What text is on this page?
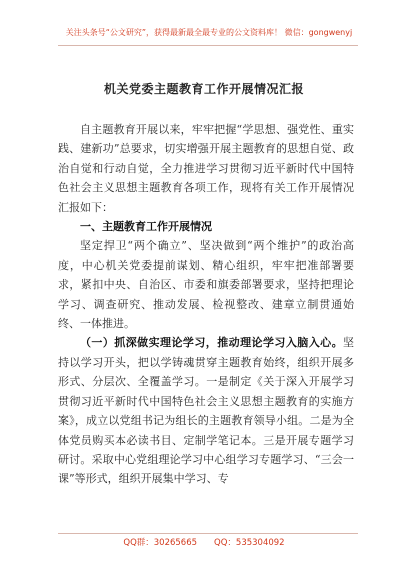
关注头条号“公文研究”，获得最新最全最专业的公文资料库！ 微信：gongwenyj
机关党委主题教育工作开展情况汇报

自主题教育开展以来，牢牢把握“学思想、强党性、重实践、建新功”总要求，切实增强开展主题教育的思想自觉、政治自觉和行动自觉，全力推进学习贯彻习近平新时代中国特色社会主义思想主题教育各项工作，现将有关工作开展情况汇报如下：

一、主题教育工作开展情况

坚定捍卫“两个确立”、坚决做到“两个维护”的政治高度，中心机关党委提前谋划、精心组织，牢牢把准部署要求，紧扣中央、自治区、市委和旗委部署要求，坚持把理论学习、调查研究、推动发展、检视整改、建章立制贯通始终、一体推进。

（一）抓深做实理论学习，推动理论学习入脑入心。坚持以学习开头，把以学铸魂贯穿主题教育始终，组织开展多形式、分层次、全覆盖学习。一是制定《关于深入开展学习贯彻习近平新时代中国特色社会主义思想主题教育的实施方案》，成立以党组书记为组长的主题教育领导小组。二是为全体党员购买本必读书目、定制学笔记本。三是开展专题学习研讨。采取中心党组理论学习中心组学习专题学习、“三会一课”等形式，组织开展集中学习、专

QQ群：30265665　　QQ：535304092
